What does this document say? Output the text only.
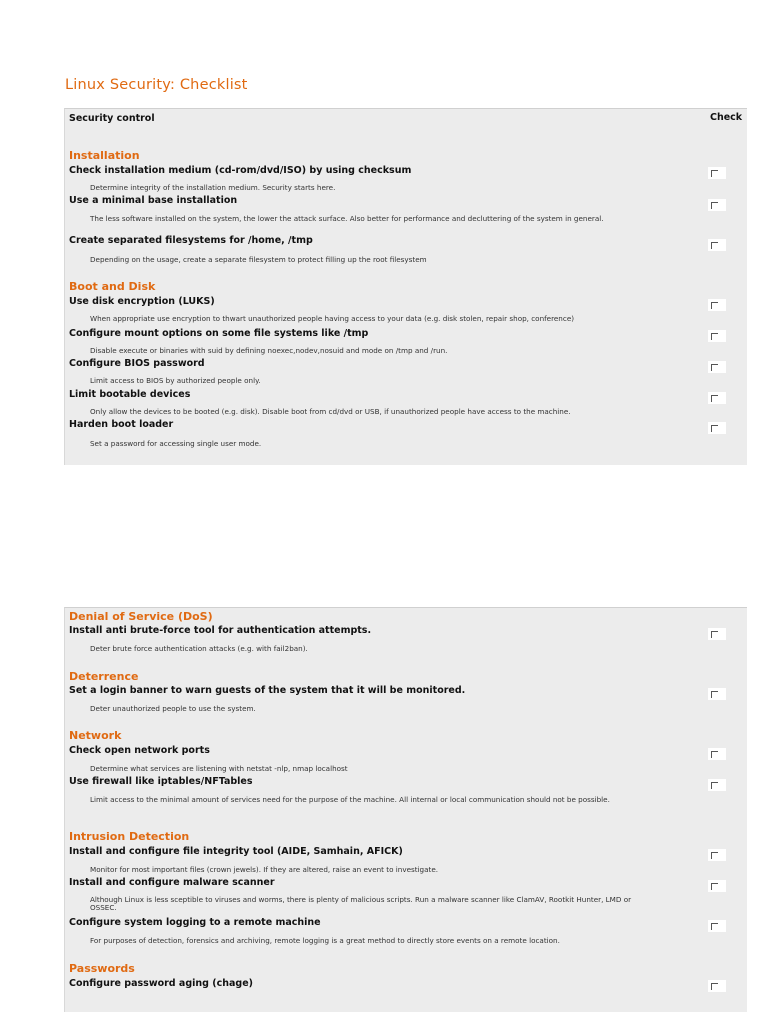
Linux Security: Checklist
Security control	Check
Installation
Check installation medium (cd-rom/dvd/ISO) by using checksum
Determine integrity of the installation medium. Security starts here.
Use a minimal base installation
The less software installed on the system, the lower the attack surface. Also better for performance and decluttering of the system in general.
Create separated filesystems for /home, /tmp
Depending on the usage, create a separate filesystem to protect filling up the root filesystem
Boot and Disk
Use disk encryption (LUKS)
When appropriate use encryption to thwart unauthorized people having access to your data (e.g. disk stolen, repair shop, conference)
Configure mount options on some file systems like /tmp
Disable execute or binaries with suid by defining noexec,nodev,nosuid and mode on /tmp and /run.
Configure BIOS password
Limit access to BIOS by authorized people only.
Limit bootable devices
Only allow the devices to be booted (e.g. disk). Disable boot from cd/dvd or USB, if unauthorized people have access to the machine.
Harden boot loader
Set a password for accessing single user mode.
Denial of Service (DoS)
Install anti brute-force tool for authentication attempts.
Deter brute force authentication attacks (e.g. with fail2ban).
Deterrence
Set a login banner to warn guests of the system that it will be monitored.
Deter unauthorized people to use the system.
Network
Check open network ports
Determine what services are listening with netstat -nlp, nmap localhost
Use firewall like iptables/NFTables
Limit access to the minimal amount of services need for the purpose of the machine. All internal or local communication should not be possible.
Intrusion Detection
Install and configure file integrity tool (AIDE, Samhain, AFICK)
Monitor for most important files (crown jewels). If they are altered, raise an event to investigate.
Install and configure malware scanner
Although Linux is less sceptible to viruses and worms, there is plenty of malicious scripts. Run a malware scanner like ClamAV, Rootkit Hunter, LMD or OSSEC.
Configure system logging to a remote machine
For purposes of detection, forensics and archiving, remote logging is a great method to directly store events on a remote location.
Passwords
Configure password aging (chage)
